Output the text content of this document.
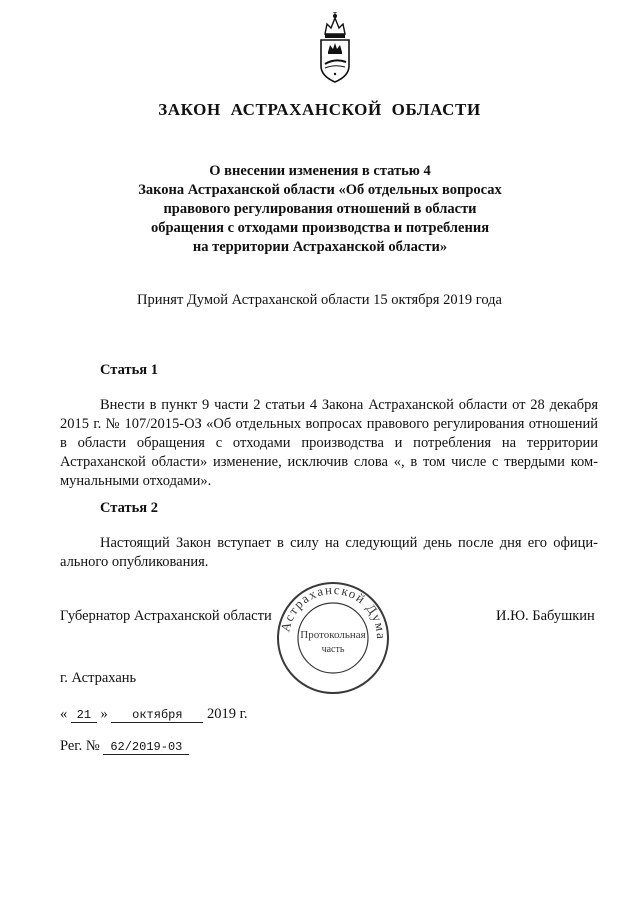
ЗАКОН АСТРАХАНСКОЙ ОБЛАСТИ
О внесении изменения в статью 4
Закона Астраханской области «Об отдельных вопросах
правового регулирования отношений в области
обращения с отходами производства и потребления
на территории Астраханской области»
Принят Думой Астраханской области 15 октября 2019 года
Статья 1
Внести в пункт 9 части 2 статьи 4 Закона Астраханской области от 28 декабря 2015 г. № 107/2015-ОЗ «Об отдельных вопросах правового регулирования отношений в области обращения с отходами производства и потребления на территории Астраханской области» изменение, исключив слова «, в том числе с твердыми коммунальными отходами».
Статья 2
Настоящий Закон вступает в силу на следующий день после дня его официального опубликования.
Губернатор Астраханской области	И.Ю. Бабушкин
Астраханской Дума
Протокольная
часть
г. Астрахань
« 21 » октября 2019 г.
Рег. № 62/2019-03
